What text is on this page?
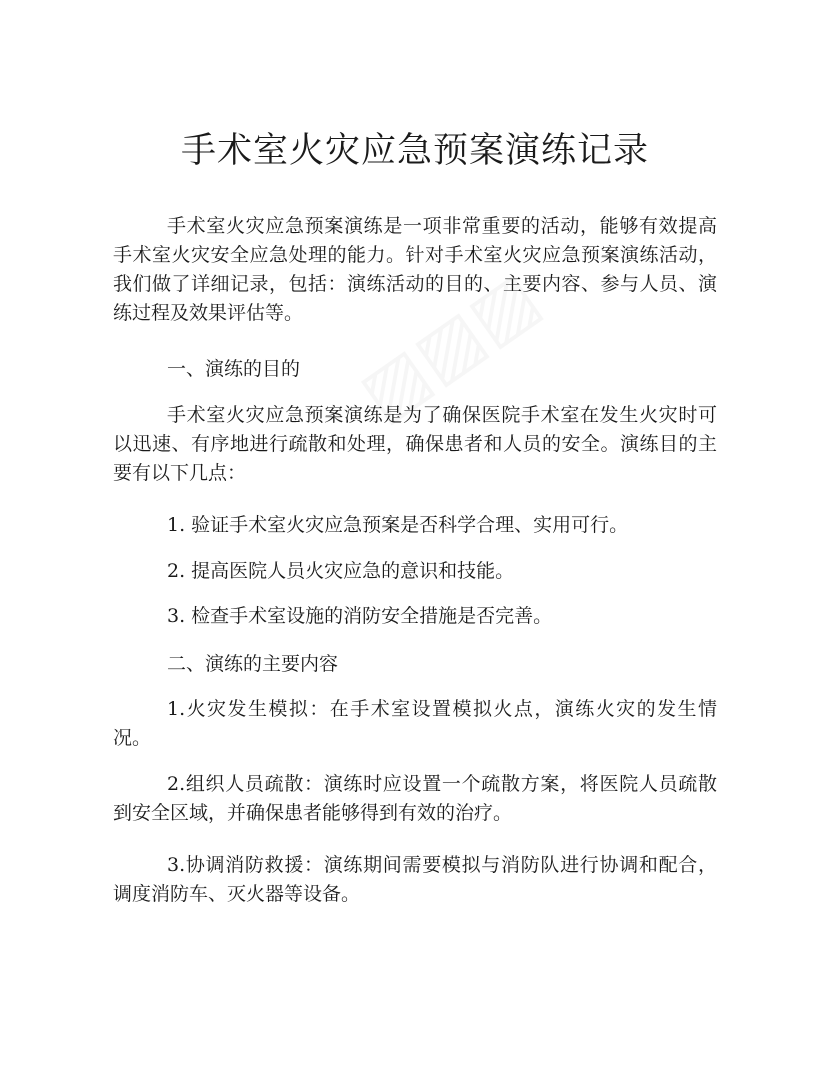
手术室火灾应急预案演练记录

手术室火灾应急预案演练是一项非常重要的活动，能够有效提高手术室火灾安全应急处理的能力。针对手术室火灾应急预案演练活动，我们做了详细记录，包括：演练活动的目的、主要内容、参与人员、演练过程及效果评估等。

一、演练的目的

手术室火灾应急预案演练是为了确保医院手术室在发生火灾时可以迅速、有序地进行疏散和处理，确保患者和人员的安全。演练目的主要有以下几点：

1. 验证手术室火灾应急预案是否科学合理、实用可行。

2. 提高医院人员火灾应急的意识和技能。

3. 检查手术室设施的消防安全措施是否完善。

二、演练的主要内容

1.火灾发生模拟：在手术室设置模拟火点，演练火灾的发生情况。

2.组织人员疏散：演练时应设置一个疏散方案，将医院人员疏散到安全区域，并确保患者能够得到有效的治疗。

3.协调消防救援：演练期间需要模拟与消防队进行协调和配合，调度消防车、灭火器等设备。
